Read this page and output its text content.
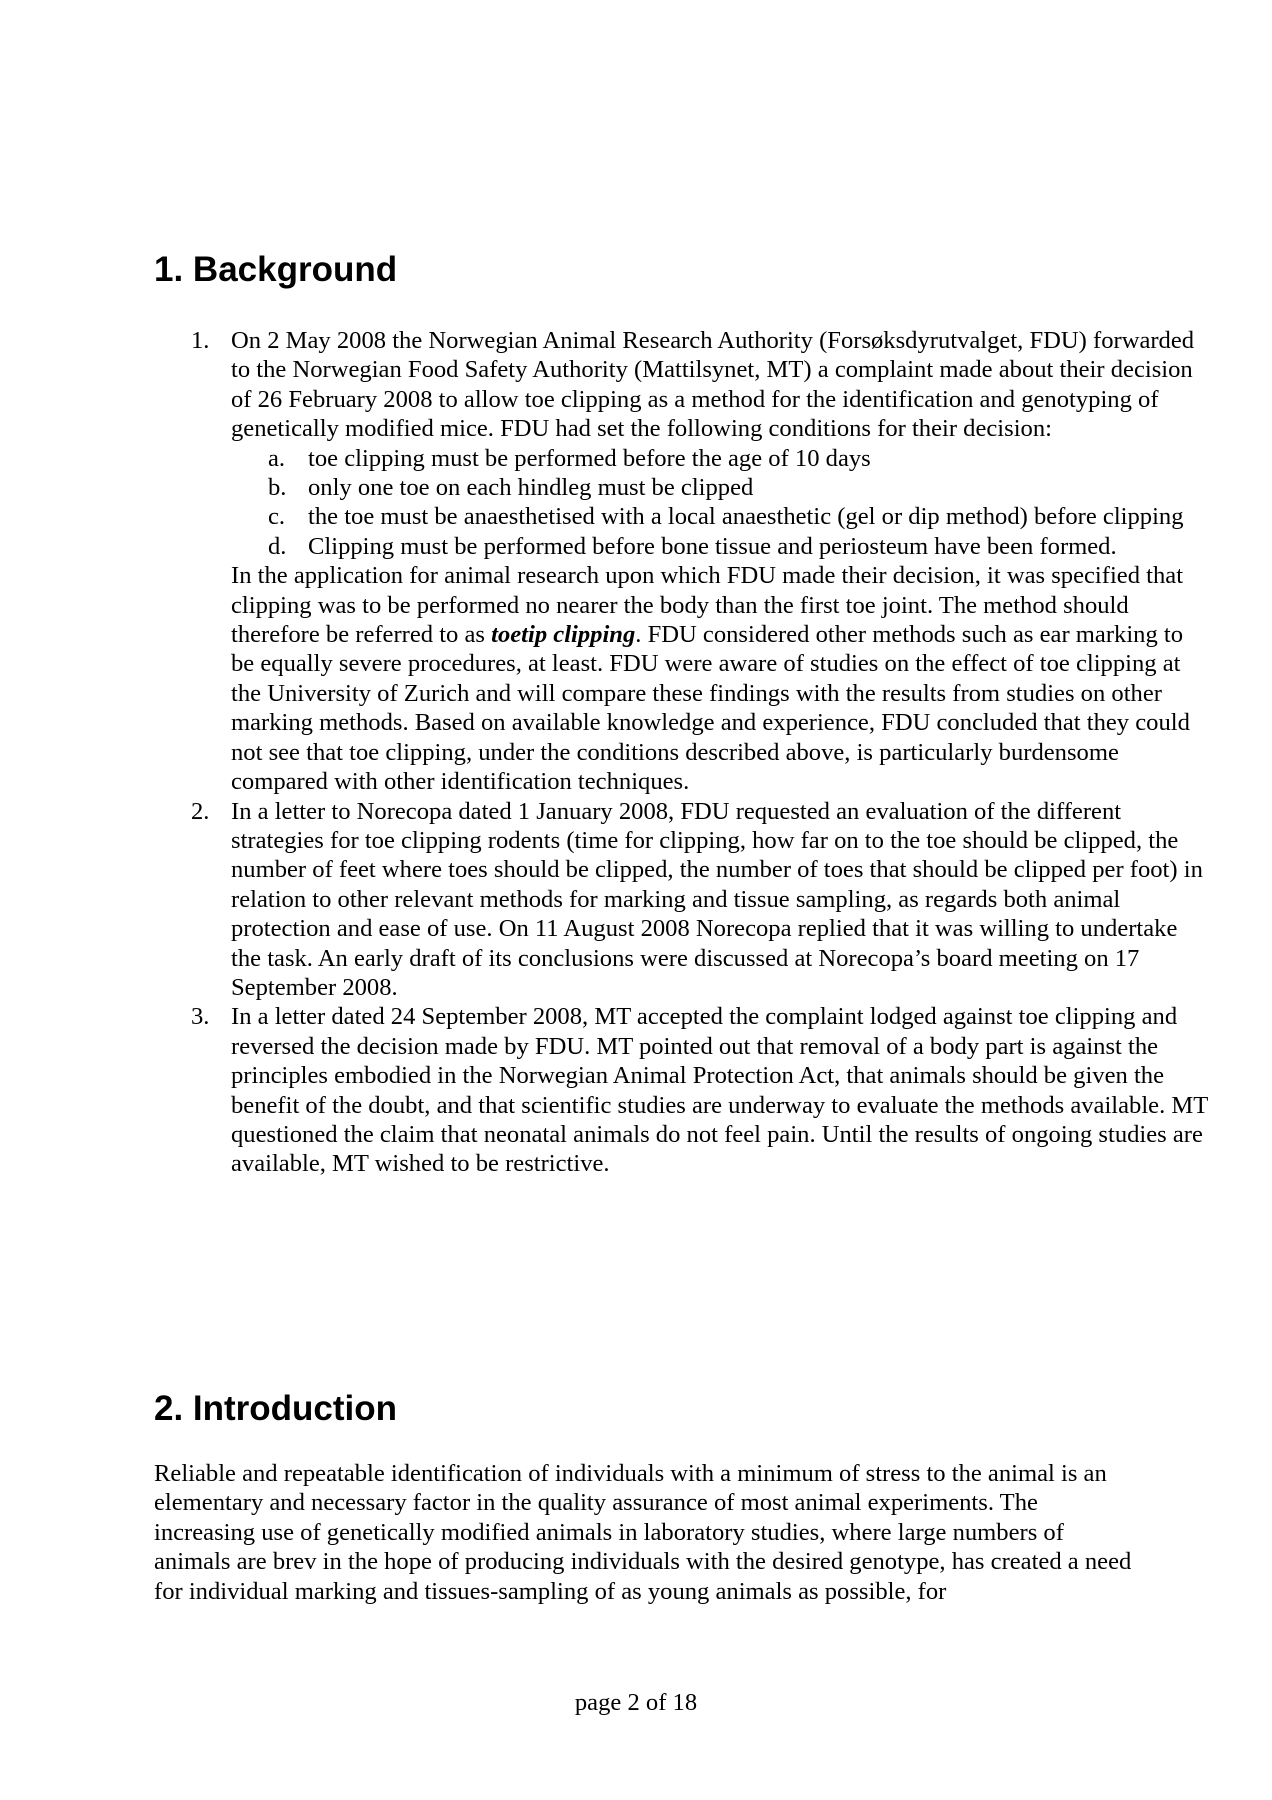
1. Background

On 2 May 2008 the Norwegian Animal Research Authority (Forsøksdyrutvalget, FDU) forwarded to the Norwegian Food Safety Authority (Mattilsynet, MT) a complaint made about their decision of 26 February 2008 to allow toe clipping as a method for the identification and genotyping of genetically modified mice. FDU had set the following conditions for their decision:

toe clipping must be performed before the age of 10 days
only one toe on each hindleg must be clipped
the toe must be anaesthetised with a local anaesthetic (gel or dip method) before clipping
Clipping must be performed before bone tissue and periosteum have been formed.

In the application for animal research upon which FDU made their decision, it was specified that clipping was to be performed no nearer the body than the first toe joint. The method should therefore be referred to as toetip clipping. FDU considered other methods such as ear marking to be equally severe procedures, at least. FDU were aware of studies on the effect of toe clipping at the University of Zurich and will compare these findings with the results from studies on other marking methods. Based on available knowledge and experience, FDU concluded that they could not see that toe clipping, under the conditions described above, is particularly burdensome compared with other identification techniques.

In a letter to Norecopa dated 1 January 2008, FDU requested an evaluation of the different strategies for toe clipping rodents (time for clipping, how far on to the toe should be clipped, the number of feet where toes should be clipped, the number of toes that should be clipped per foot) in relation to other relevant methods for marking and tissue sampling, as regards both animal protection and ease of use. On 11 August 2008 Norecopa replied that it was willing to undertake the task. An early draft of its conclusions were discussed at Norecopa’s board meeting on 17 September 2008.

In a letter dated 24 September 2008, MT accepted the complaint lodged against toe clipping and reversed the decision made by FDU. MT pointed out that removal of a body part is against the principles embodied in the Norwegian Animal Protection Act, that animals should be given the benefit of the doubt, and that scientific studies are underway to evaluate the methods available. MT questioned the claim that neonatal animals do not feel pain. Until the results of ongoing studies are available, MT wished to be restrictive.

2. Introduction

Reliable and repeatable identification of individuals with a minimum of stress to the animal is an elementary and necessary factor in the quality assurance of most animal experiments. The increasing use of genetically modified animals in laboratory studies, where large numbers of animals are brev in the hope of producing individuals with the desired genotype, has created a need for individual marking and tissues-sampling of as young animals as possible, for

page 2 of 18
